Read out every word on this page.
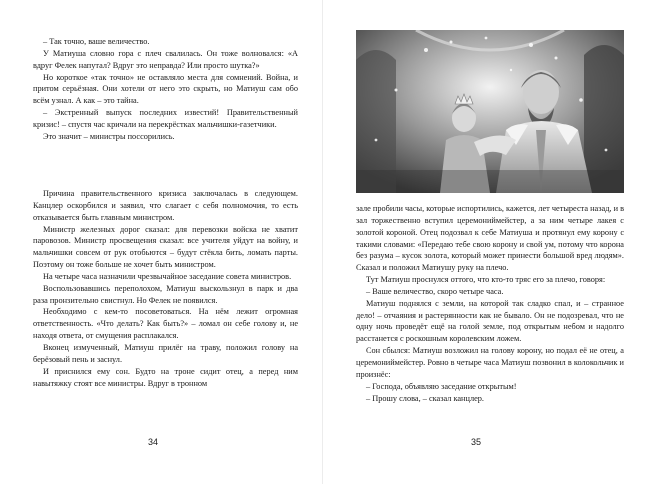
– Так точно, ваше величество.

У Матиуша словно гора с плеч свалилась. Он тоже волновался: «А вдруг Фелек напутал? Вдруг это неправда? Или просто шутка?»

Но короткое «так точно» не оставляло места для сомнений. Война, и притом серьёзная. Они хотели от него это скрыть, но Матиуш сам обо всём узнал. А как – это тайна.

– Экстренный выпуск последних известий! Правительственный кризис! – спустя час кричали на перекрёстках мальчишки-газетчики.

Это значит – министры поссорились.

Причина правительственного кризиса заключалась в следующем. Канцлер оскорбился и заявил, что слагает с себя полномочия, то есть отказывается быть главным министром.

Министр железных дорог сказал: для перевозки войска не хватит паровозов. Министр просвещения сказал: все учителя уйдут на войну, и мальчишки совсем от рук отобьются – будут стёкла бить, ломать парты. Поэтому он тоже больше не хочет быть министром.

На четыре часа назначили чрезвычайное заседание совета министров.

Воспользовавшись переполохом, Матиуш выскользнул в парк и два раза пронзительно свистнул. Но Фелек не появился.

Необходимо с кем-то посоветоваться. На нём лежит огромная ответственность. «Что делать? Как быть?» – ломал он себе голову и, не находя ответа, от смущения расплакался.

Вконец измученный, Матиуш прилёг на траву, положил голову на берёзовый пень и заснул.

И приснился ему сон. Будто на троне сидит отец, а перед ним навытяжку стоят все министры. Вдруг в тронном

34

зале пробили часы, которые испортились, кажется, лет четыреста назад, и в зал торжественно вступил церемониймейстер, а за ним четыре лакея с золотой короной. Отец подозвал к себе Матиуша и протянул ему корону с такими словами: «Передаю тебе свою корону и свой ум, потому что корона без разума – кусок золота, который может принести большой вред людям». Сказал и положил Матиушу руку на плечо.

Тут Матиуш проснулся оттого, что кто-то тряс его за плечо, говоря:

– Ваше величество, скоро четыре часа.

Матиуш поднялся с земли, на которой так сладко спал, и – странное дело! – отчаяния и растерянности как не бывало. Он не подозревал, что не одну ночь проведёт ещё на голой земле, под открытым небом и надолго расстанется с роскошным королевским ложем.

Сон сбылся: Матиуш возложил на голову корону, но подал её не отец, а церемониймейстер. Ровно в четыре часа Матиуш позвонил в колокольчик и произнёс:

– Господа, объявляю заседание открытым!

– Прошу слова, – сказал канцлер.

35
